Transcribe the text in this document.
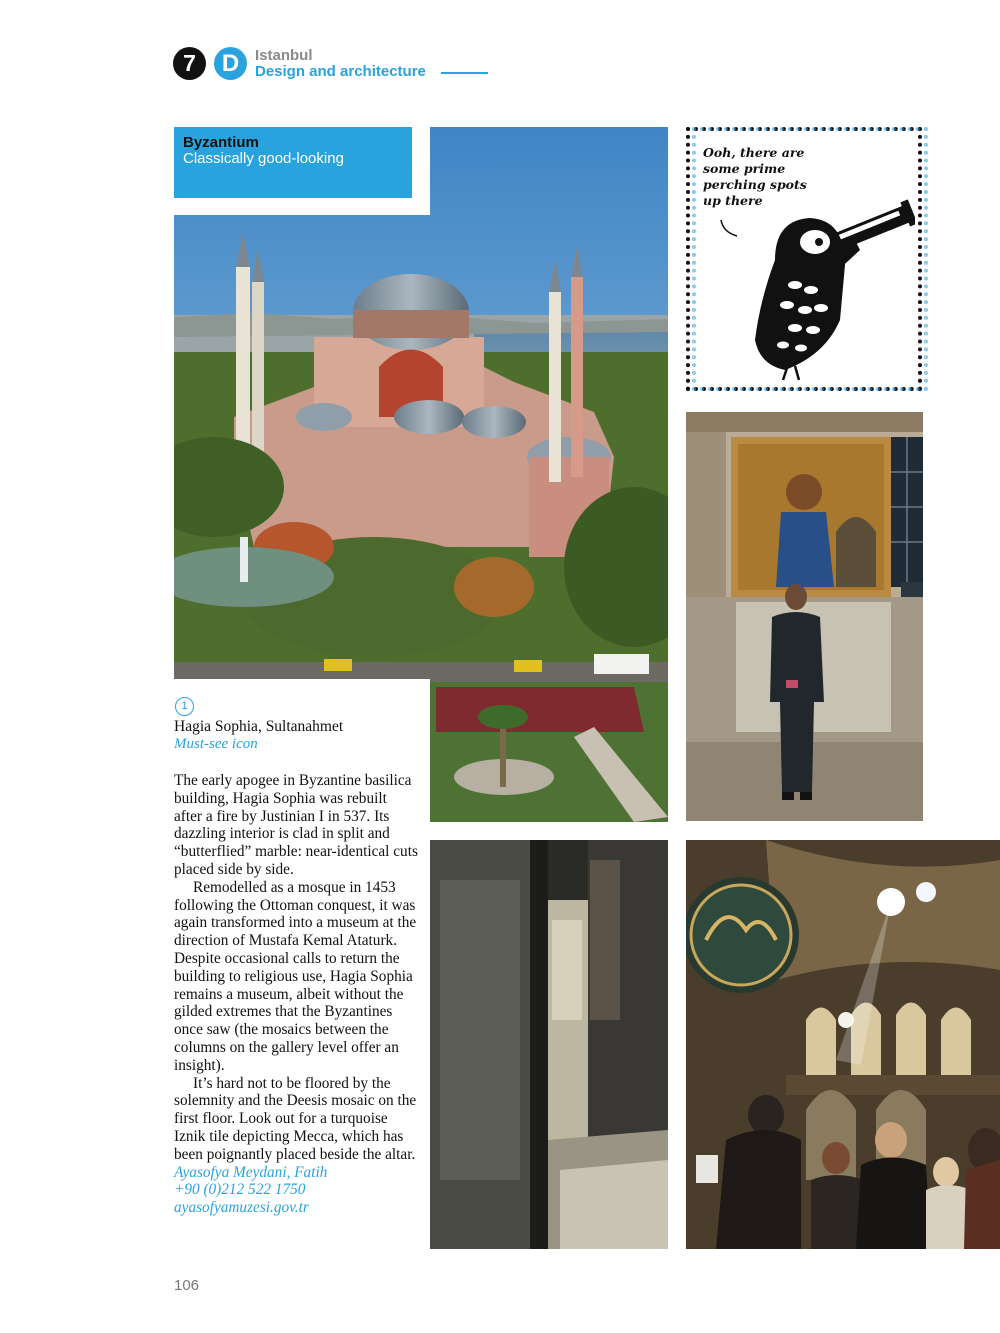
7	D	Istanbul
Design and architecture
Byzantium
Classically good-looking	Ooh, there are
some prime
perching spots
up there
1
Hagia Sophia, Sultanahmet
Must-see icon

The early apogee in Byzantine basilica building, Hagia Sophia was rebuilt after a fire by Justinian I in 537. Its dazzling interior is clad in split and “butterflied” marble: near-identical cuts placed side by side.

Remodelled as a mosque in 1453 following the Ottoman conquest, it was again transformed into a museum at the direction of Mustafa Kemal Ataturk. Despite occasional calls to return the building to religious use, Hagia Sophia remains a museum, albeit without the gilded extremes that the Byzantines once saw (the mosaics between the columns on the gallery level offer an insight).

It’s hard not to be floored by the solemnity and the Deesis mosaic on the first floor. Look out for a turquoise Iznik tile depicting Mecca, which has been poignantly placed beside the altar.

Ayasofya Meydani, Fatih
+90 (0)212 522 1750
ayasofyamuzesi.gov.tr
106
